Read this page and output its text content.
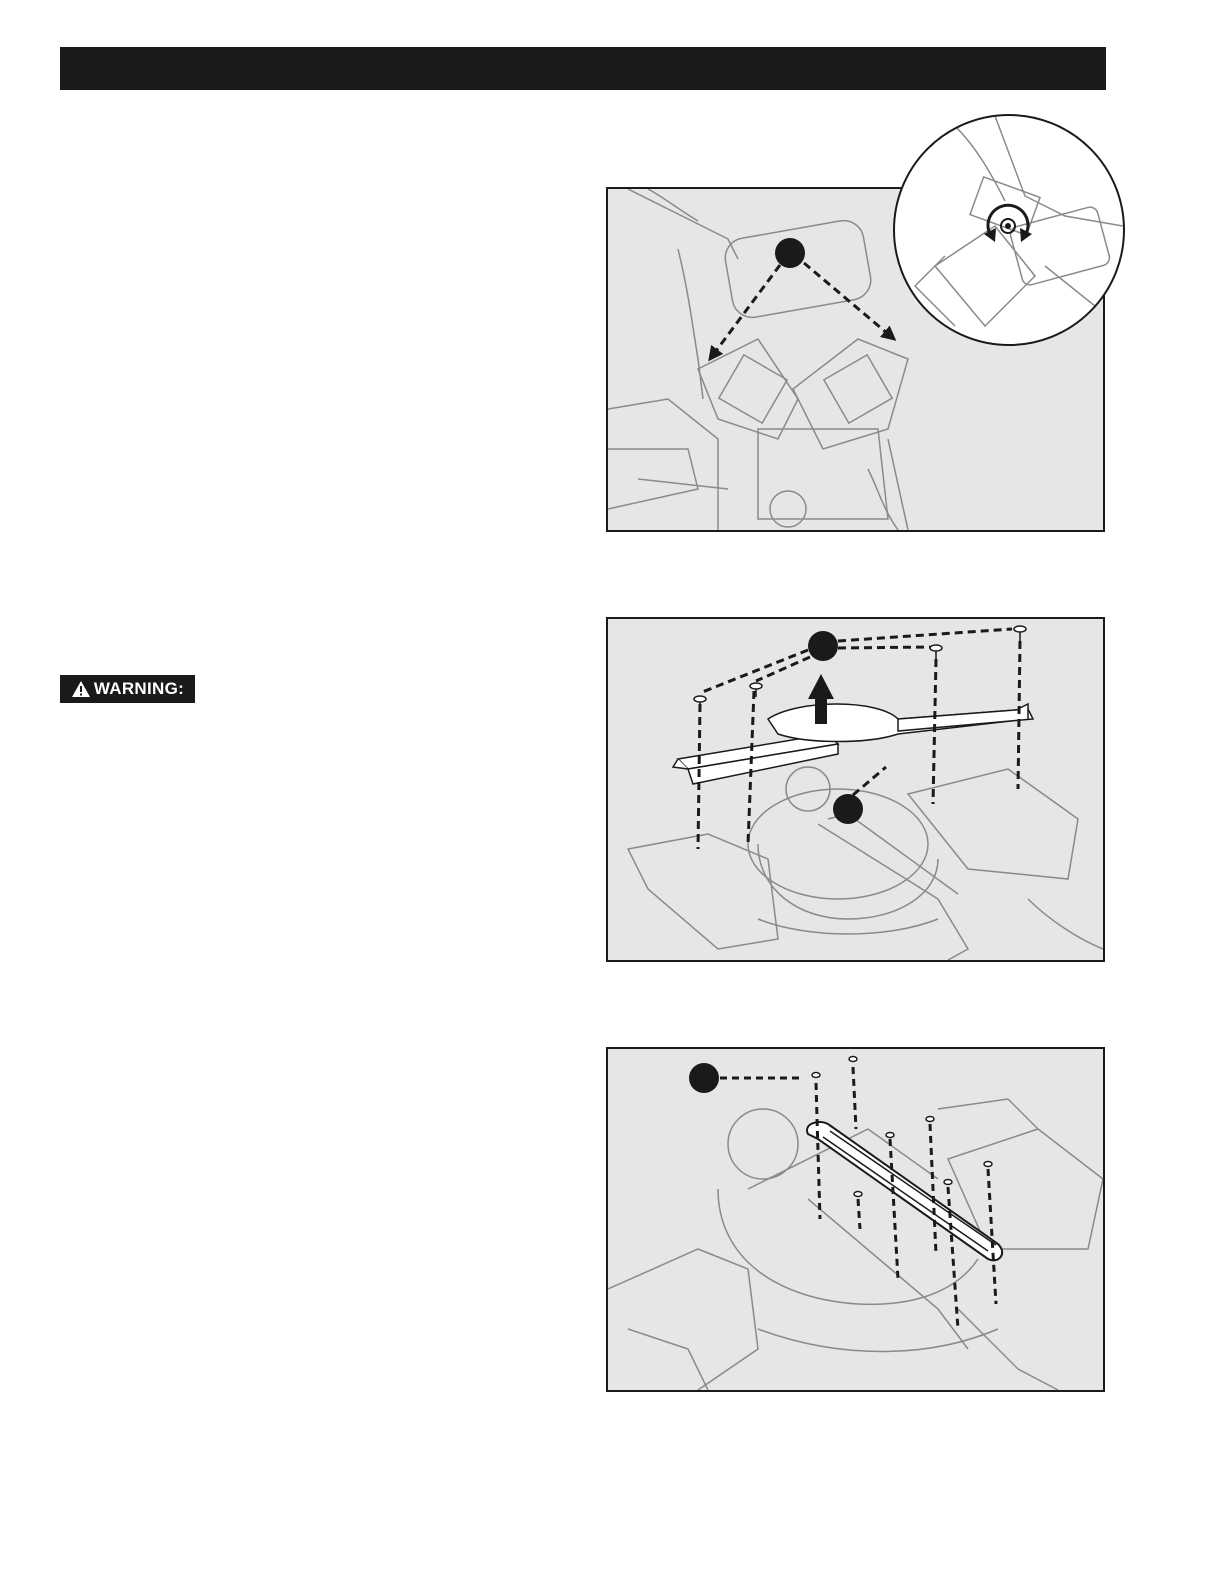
WARNING:
